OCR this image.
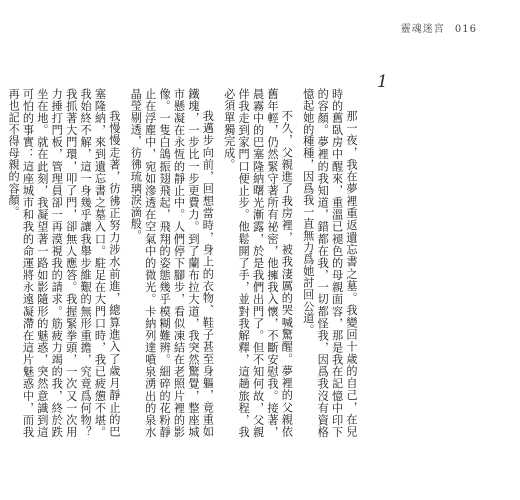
靈魂迷宮 016
1

那一夜，我在夢裡重返遺忘書之墓。我變回十歲的自己，在兒時的舊臥房中醒來，重溫已褪色的母親面容，那是我在記憶中印下的容顏。夢裡的我知道，錯都在我，一切都怪我，因爲我沒有資格憶起她的種種，因爲我一直無力爲她討回公道。

不久，父親進了我房裡，被我淒厲的哭喊驚醒。夢裡的父親依舊年輕，仍然緊守著所有祕密，他擁我入懷，不斷安慰我。接著，晨霧中的巴塞隆納曙光漸露，於是我們出門了。但不知何故，父親伴我走到家門口便止步。他鬆開了手，並對我解釋，這趟旅程，我必須單獨完成。

我邁步向前，回想當時，身上的衣物、鞋子甚至身軀，竟重如鐵塊，一步比一步更費力。到了蘭布拉大道，我突然驚覺，整座城市懸凝在永恆的靜止中。人們停下腳步，看似凍結在老照片裡的影像。一隻白鴿振翅飛起，飛翔的姿態幾乎模糊難辨。細碎的花粉靜止在浮塵中，宛如滲透在空氣中的微光。卡納列達噴泉湧出的泉水晶瑩剔透，彷彿琉璃淚滴般。

我慢慢走著，彷彿正努力涉水前進，總算進入了歲月靜止的巴塞隆納，來到遺忘書之墓入口。駐足在大門口時，我已疲憊不堪。我始終不解，這一身幾乎讓我舉步維艱的無形重擔，究竟爲何物？我抓著大門環，叩了門，卻無人應答。我握緊拳頭，一次又一次用力捶打門板，管理員卻一再漠視我的請求。筋疲力竭的我，終於跌坐在地。就在此刻，我凝望著一路如影隨形的魅惑，突然意識到這可怕的事實：這座城市和我的命運將永遠凝滯在這片魅惑中，而我再也記不得母親的容顏。
